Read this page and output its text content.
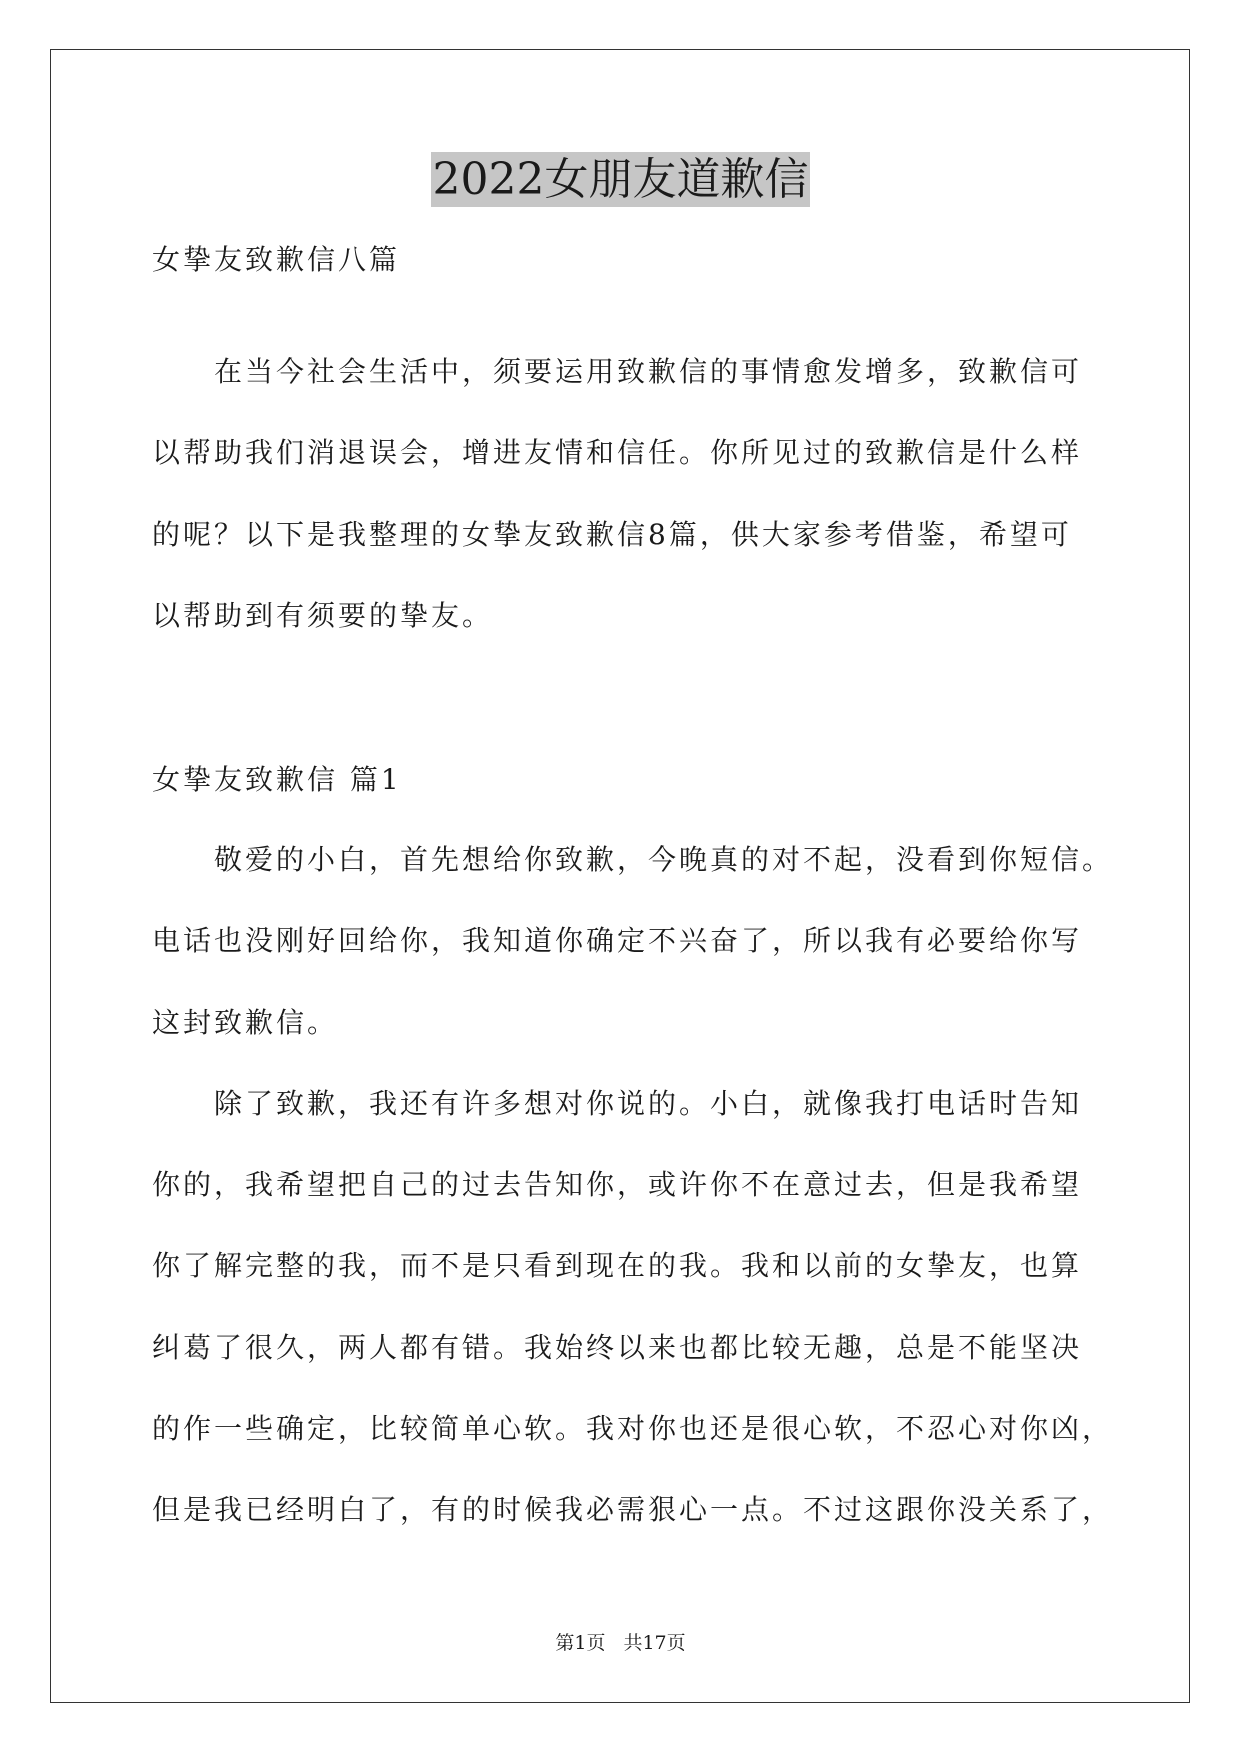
2022女朋友道歉信
女挚友致歉信八篇
　　在当今社会生活中，须要运用致歉信的事情愈发增多，致歉信可
以帮助我们消退误会，增进友情和信任。你所见过的致歉信是什么样
的呢？以下是我整理的女挚友致歉信8篇，供大家参考借鉴，希望可
以帮助到有须要的挚友。
女挚友致歉信 篇1
　　敬爱的小白，首先想给你致歉，今晚真的对不起，没看到你短信。
电话也没刚好回给你，我知道你确定不兴奋了，所以我有必要给你写
这封致歉信。
　　除了致歉，我还有许多想对你说的。小白，就像我打电话时告知
你的，我希望把自己的过去告知你，或许你不在意过去，但是我希望
你了解完整的我，而不是只看到现在的我。我和以前的女挚友，也算
纠葛了很久，两人都有错。我始终以来也都比较无趣，总是不能坚决
的作一些确定，比较简单心软。我对你也还是很心软，不忍心对你凶，
但是我已经明白了，有的时候我必需狠心一点。不过这跟你没关系了，
第1页 共17页
